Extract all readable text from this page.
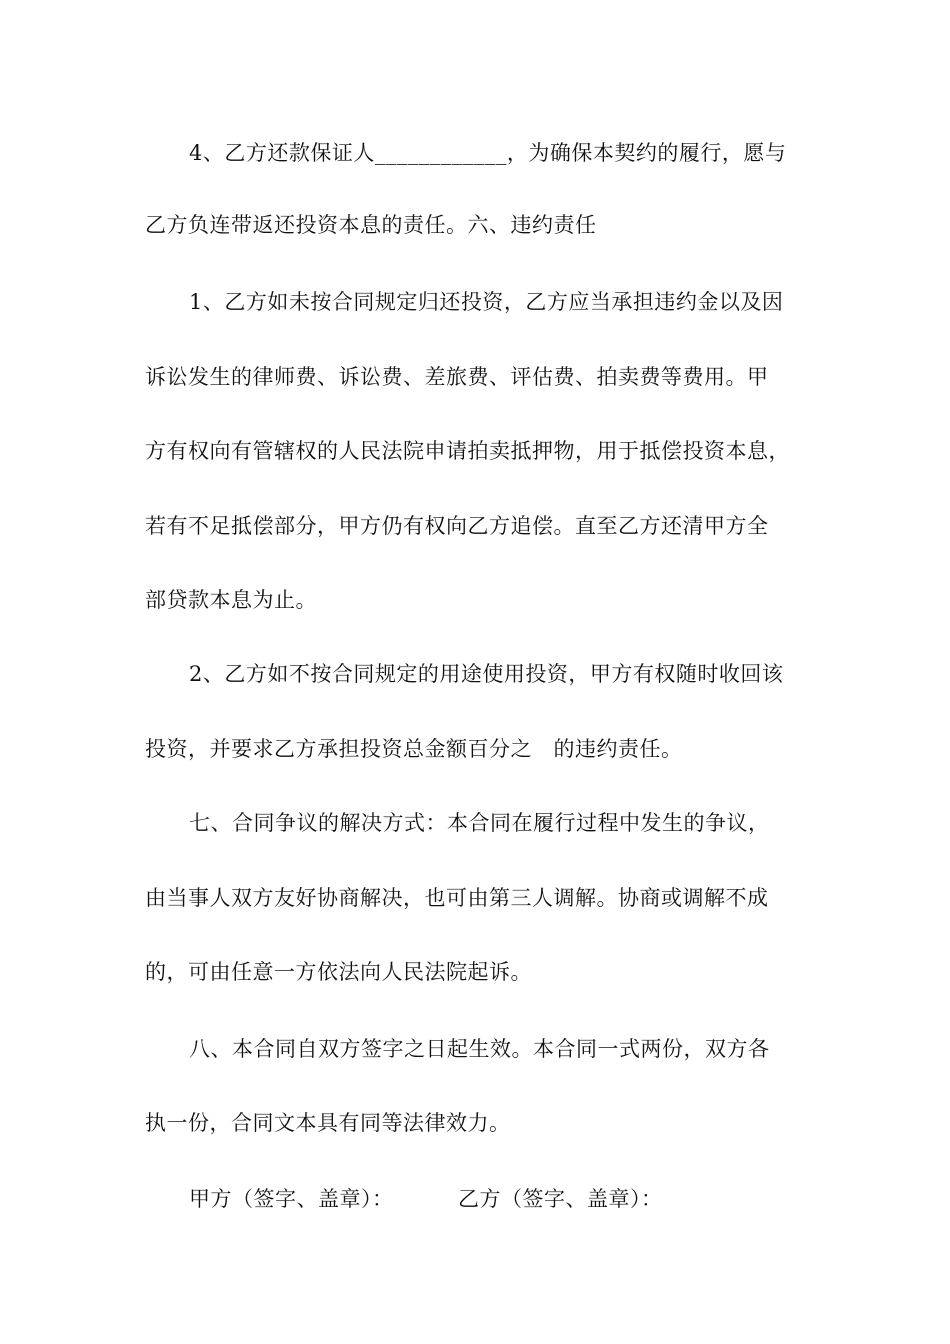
4、乙方还款保证人____________，为确保本契约的履行，愿与
乙方负连带返还投资本息的责任。六、违约责任
1、乙方如未按合同规定归还投资，乙方应当承担违约金以及因
诉讼发生的律师费、诉讼费、差旅费、评估费、拍卖费等费用。甲
方有权向有管辖权的人民法院申请拍卖抵押物，用于抵偿投资本息，
若有不足抵偿部分，甲方仍有权向乙方追偿。直至乙方还清甲方全
部贷款本息为止。
2、乙方如不按合同规定的用途使用投资，甲方有权随时收回该
投资，并要求乙方承担投资总金额百分之　的违约责任。
七、合同争议的解决方式：本合同在履行过程中发生的争议，
由当事人双方友好协商解决，也可由第三人调解。协商或调解不成
的，可由任意一方依法向人民法院起诉。
八、本合同自双方签字之日起生效。本合同一式两份，双方各
执一份，合同文本具有同等法律效力。
甲方（签字、盖章）：	乙方（签字、盖章）：
